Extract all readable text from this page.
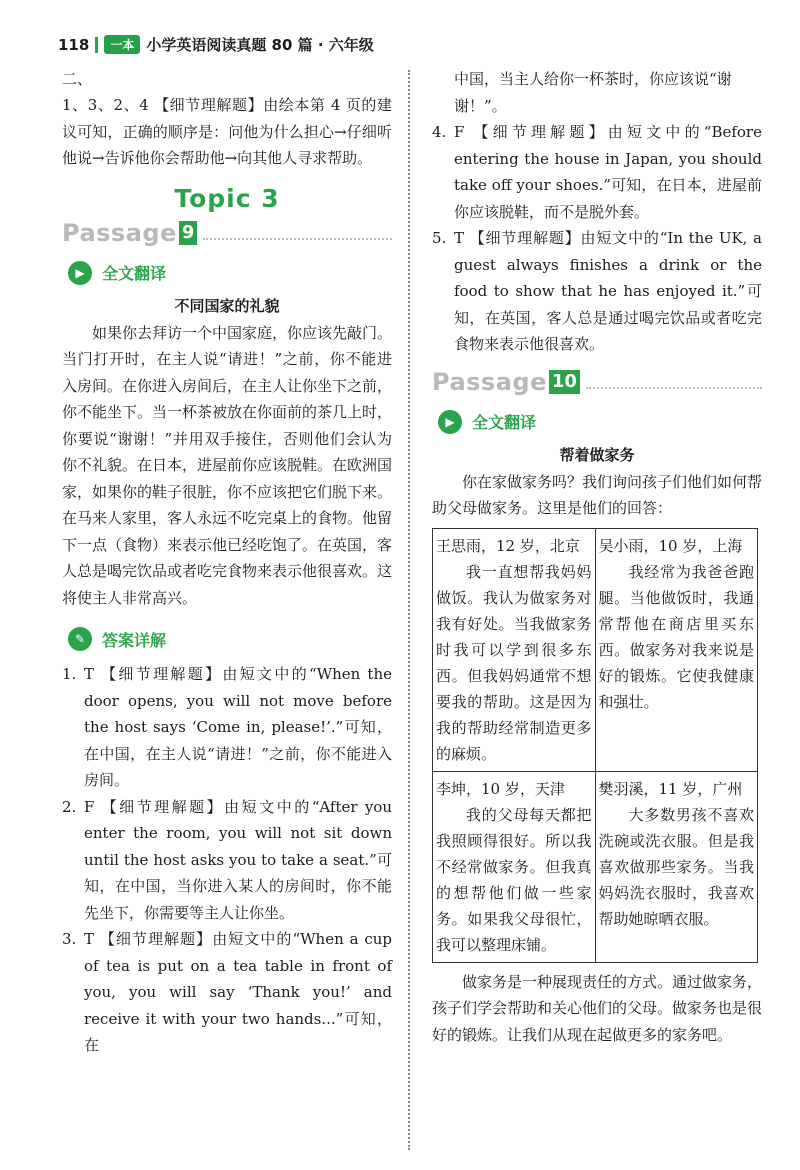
118	一本 小学英语阅读真题 80 篇 · 六年级

二、

1、3、2、4 【细节理解题】由绘本第 4 页的建议可知，正确的顺序是：问他为什么担心→仔细听他说→告诉他你会帮助他→向其他人寻求帮助。

Topic 3
Passage 9
▶	全文翻译
不同国家的礼貌

如果你去拜访一个中国家庭，你应该先敲门。当门打开时，在主人说“请进！”之前，你不能进入房间。在你进入房间后，在主人让你坐下之前，你不能坐下。当一杯茶被放在你面前的茶几上时，你要说“谢谢！”并用双手接住，否则他们会认为你不礼貌。在日本，进屋前你应该脱鞋。在欧洲国家，如果你的鞋子很脏，你不应该把它们脱下来。在马来人家里，客人永远不吃完桌上的食物。他留下一点（食物）来表示他已经吃饱了。在英国，客人总是喝完饮品或者吃完食物来表示他很喜欢。这将使主人非常高兴。

✎	答案详解
1. T 【细节理解题】由短文中的“When the door opens, you will not move before the host says ‘Come in, please!’.”可知，在中国，在主人说“请进！”之前，你不能进入房间。
2. F 【细节理解题】由短文中的“After you enter the room, you will not sit down until the host asks you to take a seat.”可知，在中国，当你进入某人的房间时，你不能先坐下，你需要等主人让你坐。
3. T 【细节理解题】由短文中的“When a cup of tea is put on a tea table in front of you, you will say ‘Thank you!’ and receive it with your two hands...”可知，在

中国，当主人给你一杯茶时，你应该说“谢谢！”。

4. F 【细节理解题】由短文中的“Before entering the house in Japan, you should take off your shoes.”可知，在日本，进屋前你应该脱鞋，而不是脱外套。
5. T 【细节理解题】由短文中的“In the UK, a guest always finishes a drink or the food to show that he has enjoyed it.”可知，在英国，客人总是通过喝完饮品或者吃完食物来表示他很喜欢。
Passage 10
▶	全文翻译
帮着做家务

你在家做家务吗？我们询问孩子们他们如何帮助父母做家务。这里是他们的回答：

王思雨，12 岁，北京
我一直想帮我妈妈做饭。我认为做家务对我有好处。当我做家务时我可以学到很多东西。但我妈妈通常不想要我的帮助。这是因为我的帮助经常制造更多的麻烦。	吴小雨，10 岁，上海
我经常为我爸爸跑腿。当他做饭时，我通常帮他在商店里买东西。做家务对我来说是好的锻炼。它使我健康和强壮。

李坤，10 岁，天津
我的父母每天都把我照顾得很好。所以我不经常做家务。但我真的想帮他们做一些家务。如果我父母很忙，我可以整理床铺。	樊羽溪，11 岁，广州
大多数男孩不喜欢洗碗或洗衣服。但是我喜欢做那些家务。当我妈妈洗衣服时，我喜欢帮助她晾晒衣服。

做家务是一种展现责任的方式。通过做家务，孩子们学会帮助和关心他们的父母。做家务也是很好的锻炼。让我们从现在起做更多的家务吧。
